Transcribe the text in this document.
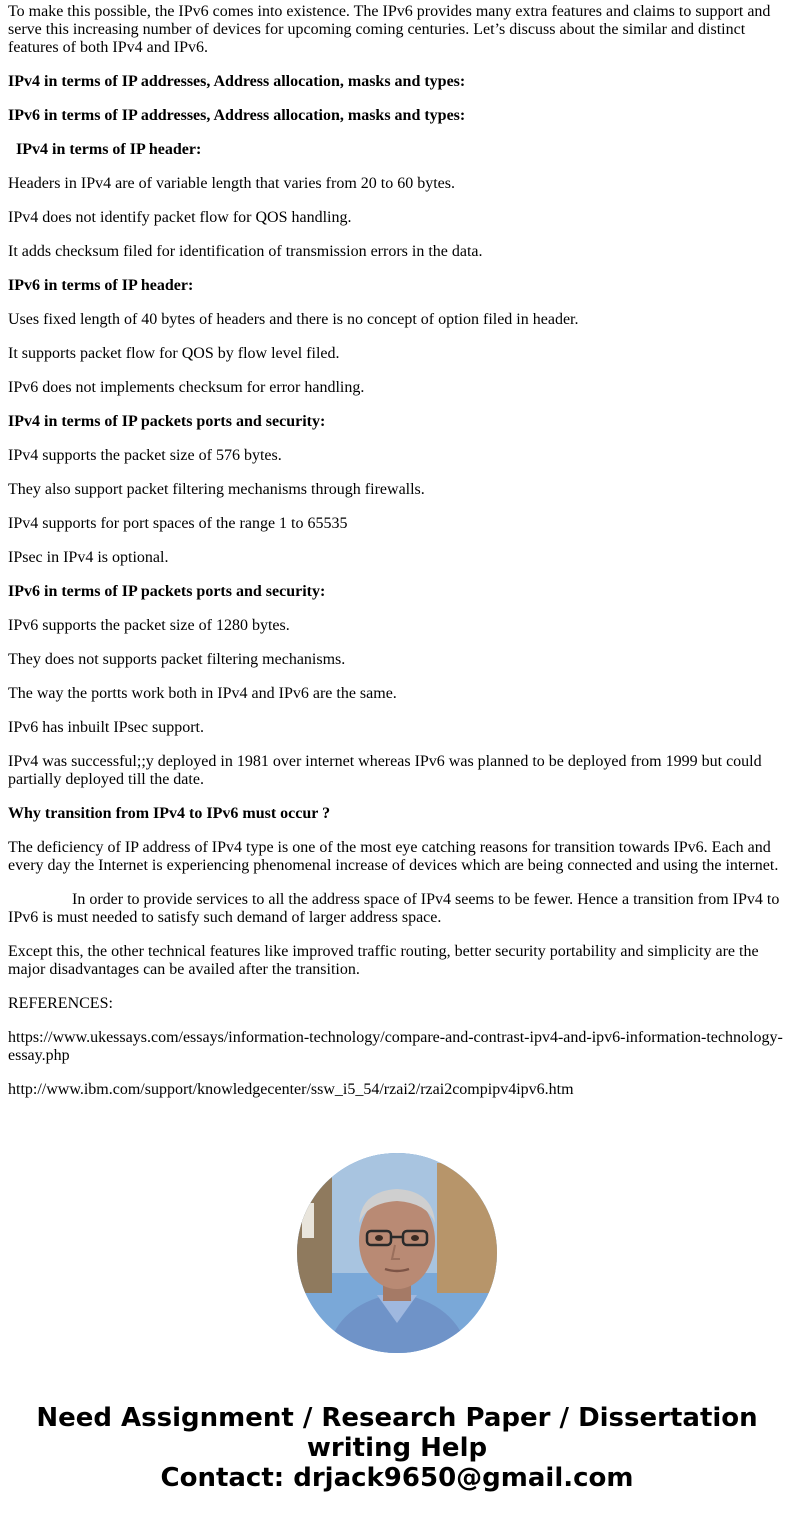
To make this possible, the IPv6 comes into existence. The IPv6 provides many extra features and claims to support and serve this increasing number of devices for upcoming coming centuries. Let’s discuss about the similar and distinct features of both IPv4 and IPv6.

IPv4 in terms of IP addresses, Address allocation, masks and types:

IPv6 in terms of IP addresses, Address allocation, masks and types:

IPv4 in terms of IP header:

Headers in IPv4 are of variable length that varies from 20 to 60 bytes.

IPv4 does not identify packet flow for QOS handling.

It adds checksum filed for identification of transmission errors in the data.

IPv6 in terms of IP header:

Uses fixed length of 40 bytes of headers and there is no concept of option filed in header.

It supports packet flow for QOS by flow level filed.

IPv6 does not implements checksum for error handling.

IPv4 in terms of IP packets ports and security:

IPv4 supports the packet size of 576 bytes.

They also support packet filtering mechanisms through firewalls.

IPv4 supports for port spaces of the range 1 to 65535

IPsec in IPv4 is optional.

IPv6 in terms of IP packets ports and security:

IPv6 supports the packet size of 1280 bytes.

They does not supports packet filtering mechanisms.

The way the portts work both in IPv4 and IPv6 are the same.

IPv6 has inbuilt IPsec support.

IPv4 was successful;;y deployed in 1981 over internet whereas IPv6 was planned to be deployed from 1999 but could partially deployed till the date.

Why transition from IPv4 to IPv6 must occur ?

The deficiency of IP address of IPv4 type is one of the most eye catching reasons for transition towards IPv6. Each and every day the Internet is experiencing phenomenal increase of devices which are being connected and using the internet.

In order to provide services to all the address space of IPv4 seems to be fewer. Hence a transition from IPv4 to IPv6 is must needed to satisfy such demand of larger address space.

Except this, the other technical features like improved traffic routing, better security portability and simplicity are the major disadvantages can be availed after the transition.

REFERENCES:

https://www.ukessays.com/essays/information-technology/compare-and-contrast-ipv4-and-ipv6-information-technology-essay.php

http://www.ibm.com/support/knowledgecenter/ssw_i5_54/rzai2/rzai2compipv4ipv6.htm

Need Assignment / Research Paper / Dissertation
writing Help
Contact: drjack9650@gmail.com
